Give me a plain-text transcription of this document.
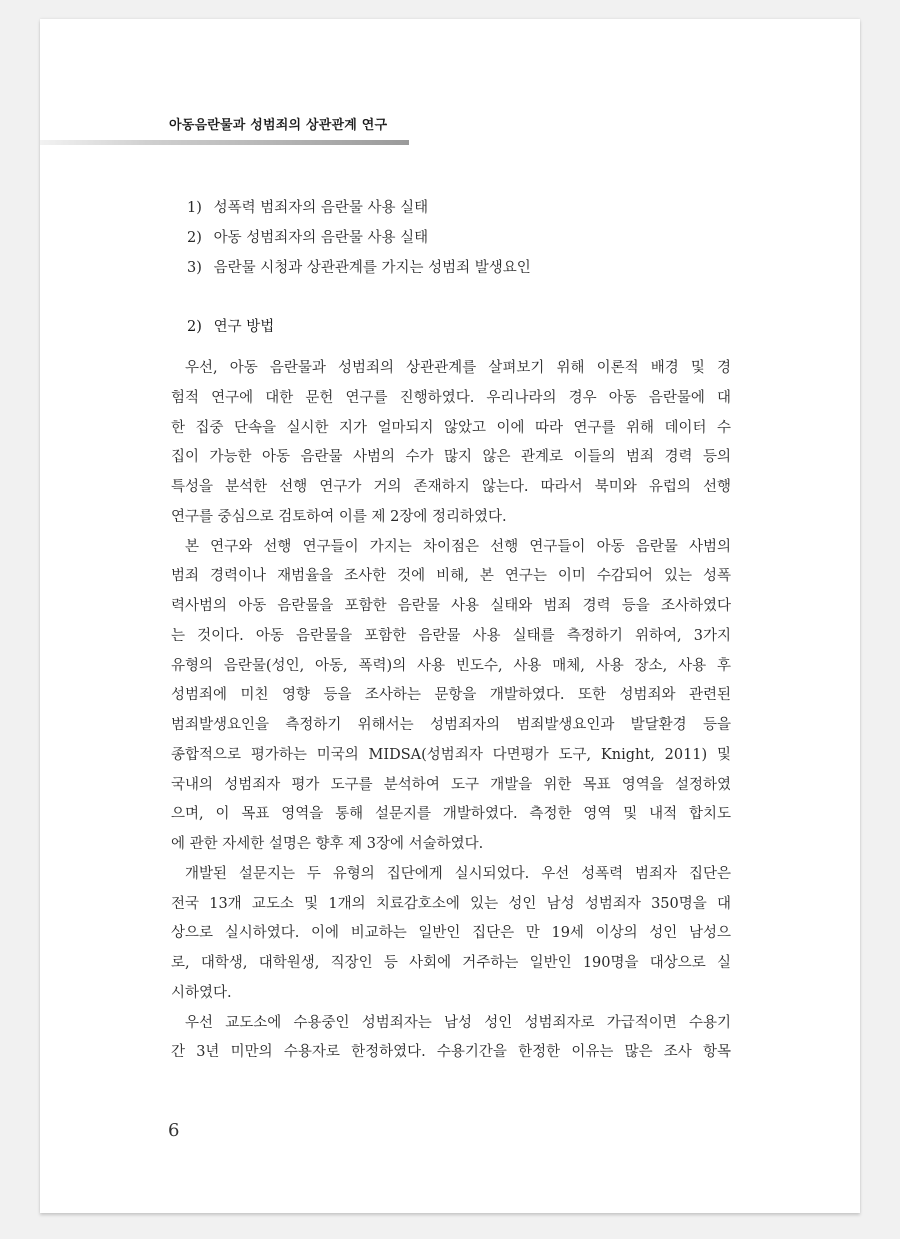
아동음란물과 성범죄의 상관관계 연구
1) 성폭력 범죄자의 음란물 사용 실태
2) 아동 성범죄자의 음란물 사용 실태
3) 음란물 시청과 상관관계를 가지는 성범죄 발생요인
2) 연구 방법
우선, 아동 음란물과 성범죄의 상관관계를 살펴보기 위해 이론적 배경 및 경
험적 연구에 대한 문헌 연구를 진행하였다. 우리나라의 경우 아동 음란물에 대
한 집중 단속을 실시한 지가 얼마되지 않았고 이에 따라 연구를 위해 데이터 수
집이 가능한 아동 음란물 사범의 수가 많지 않은 관계로 이들의 범죄 경력 등의
특성을 분석한 선행 연구가 거의 존재하지 않는다. 따라서 북미와 유럽의 선행
연구를 중심으로 검토하여 이를 제 2장에 정리하였다.
본 연구와 선행 연구들이 가지는 차이점은 선행 연구들이 아동 음란물 사범의
범죄 경력이나 재범율을 조사한 것에 비해, 본 연구는 이미 수감되어 있는 성폭
력사범의 아동 음란물을 포함한 음란물 사용 실태와 범죄 경력 등을 조사하였다
는 것이다. 아동 음란물을 포함한 음란물 사용 실태를 측정하기 위하여, 3가지
유형의 음란물(성인, 아동, 폭력)의 사용 빈도수, 사용 매체, 사용 장소, 사용 후
성범죄에 미친 영향 등을 조사하는 문항을 개발하였다. 또한 성범죄와 관련된
범죄발생요인을 측정하기 위해서는 성범죄자의 범죄발생요인과 발달환경 등을
종합적으로 평가하는 미국의 MIDSA(성범죄자 다면평가 도구, Knight, 2011) 및
국내의 성범죄자 평가 도구를 분석하여 도구 개발을 위한 목표 영역을 설정하였
으며, 이 목표 영역을 통해 설문지를 개발하였다. 측정한 영역 및 내적 합치도
에 관한 자세한 설명은 향후 제 3장에 서술하였다.
개발된 설문지는 두 유형의 집단에게 실시되었다. 우선 성폭력 범죄자 집단은
전국 13개 교도소 및 1개의 치료감호소에 있는 성인 남성 성범죄자 350명을 대
상으로 실시하였다. 이에 비교하는 일반인 집단은 만 19세 이상의 성인 남성으
로, 대학생, 대학원생, 직장인 등 사회에 거주하는 일반인 190명을 대상으로 실
시하였다.
우선 교도소에 수용중인 성범죄자는 남성 성인 성범죄자로 가급적이면 수용기
간 3년 미만의 수용자로 한정하였다. 수용기간을 한정한 이유는 많은 조사 항목
6
